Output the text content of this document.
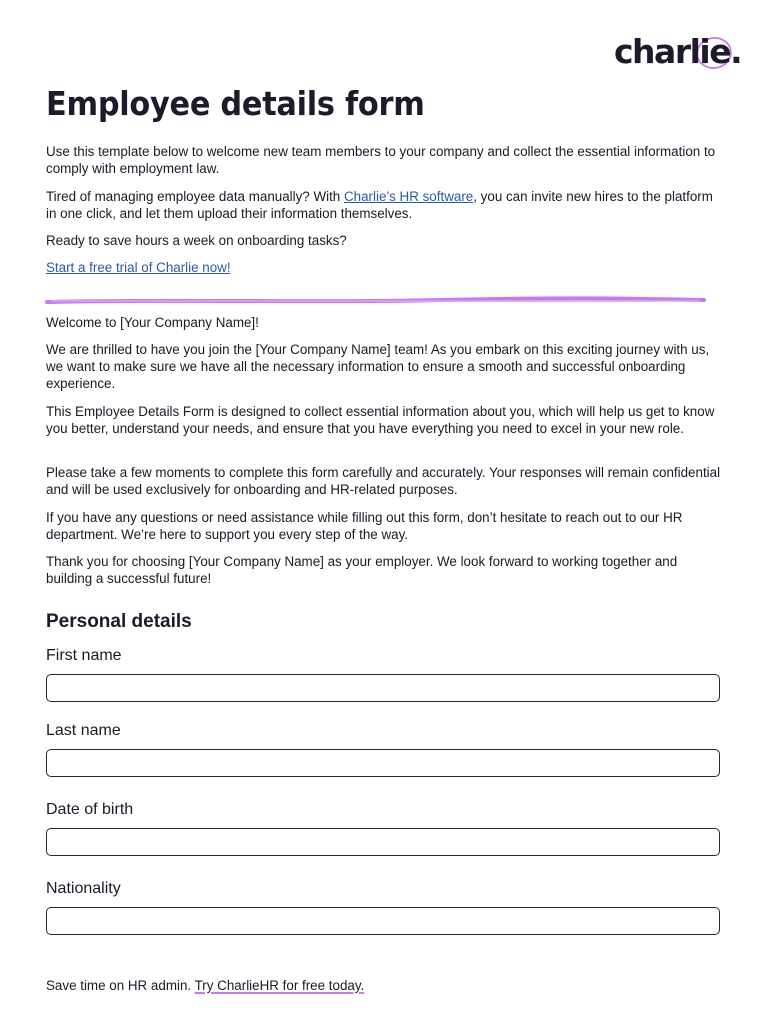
charlie.
Employee details form

Use this template below to welcome new team members to your company and collect the essential information to comply with employment law.

Tired of managing employee data manually? With Charlie’s HR software, you can invite new hires to the platform in one click, and let them upload their information themselves.

Ready to save hours a week on onboarding tasks?

Start a free trial of Charlie now!

Welcome to [Your Company Name]!

We are thrilled to have you join the [Your Company Name] team! As you embark on this exciting journey with us, we want to make sure we have all the necessary information to ensure a smooth and successful onboarding experience.

This Employee Details Form is designed to collect essential information about you, which will help us get to know you better, understand your needs, and ensure that you have everything you need to excel in your new role.

Please take a few moments to complete this form carefully and accurately. Your responses will remain confidential and will be used exclusively for onboarding and HR-related purposes.

If you have any questions or need assistance while filling out this form, don’t hesitate to reach out to our HR department. We’re here to support you every step of the way.

Thank you for choosing [Your Company Name] as your employer. We look forward to working together and building a successful future!

Personal details
First name
Last name
Date of birth
Nationality
Save time on HR admin. Try CharlieHR for free today.
